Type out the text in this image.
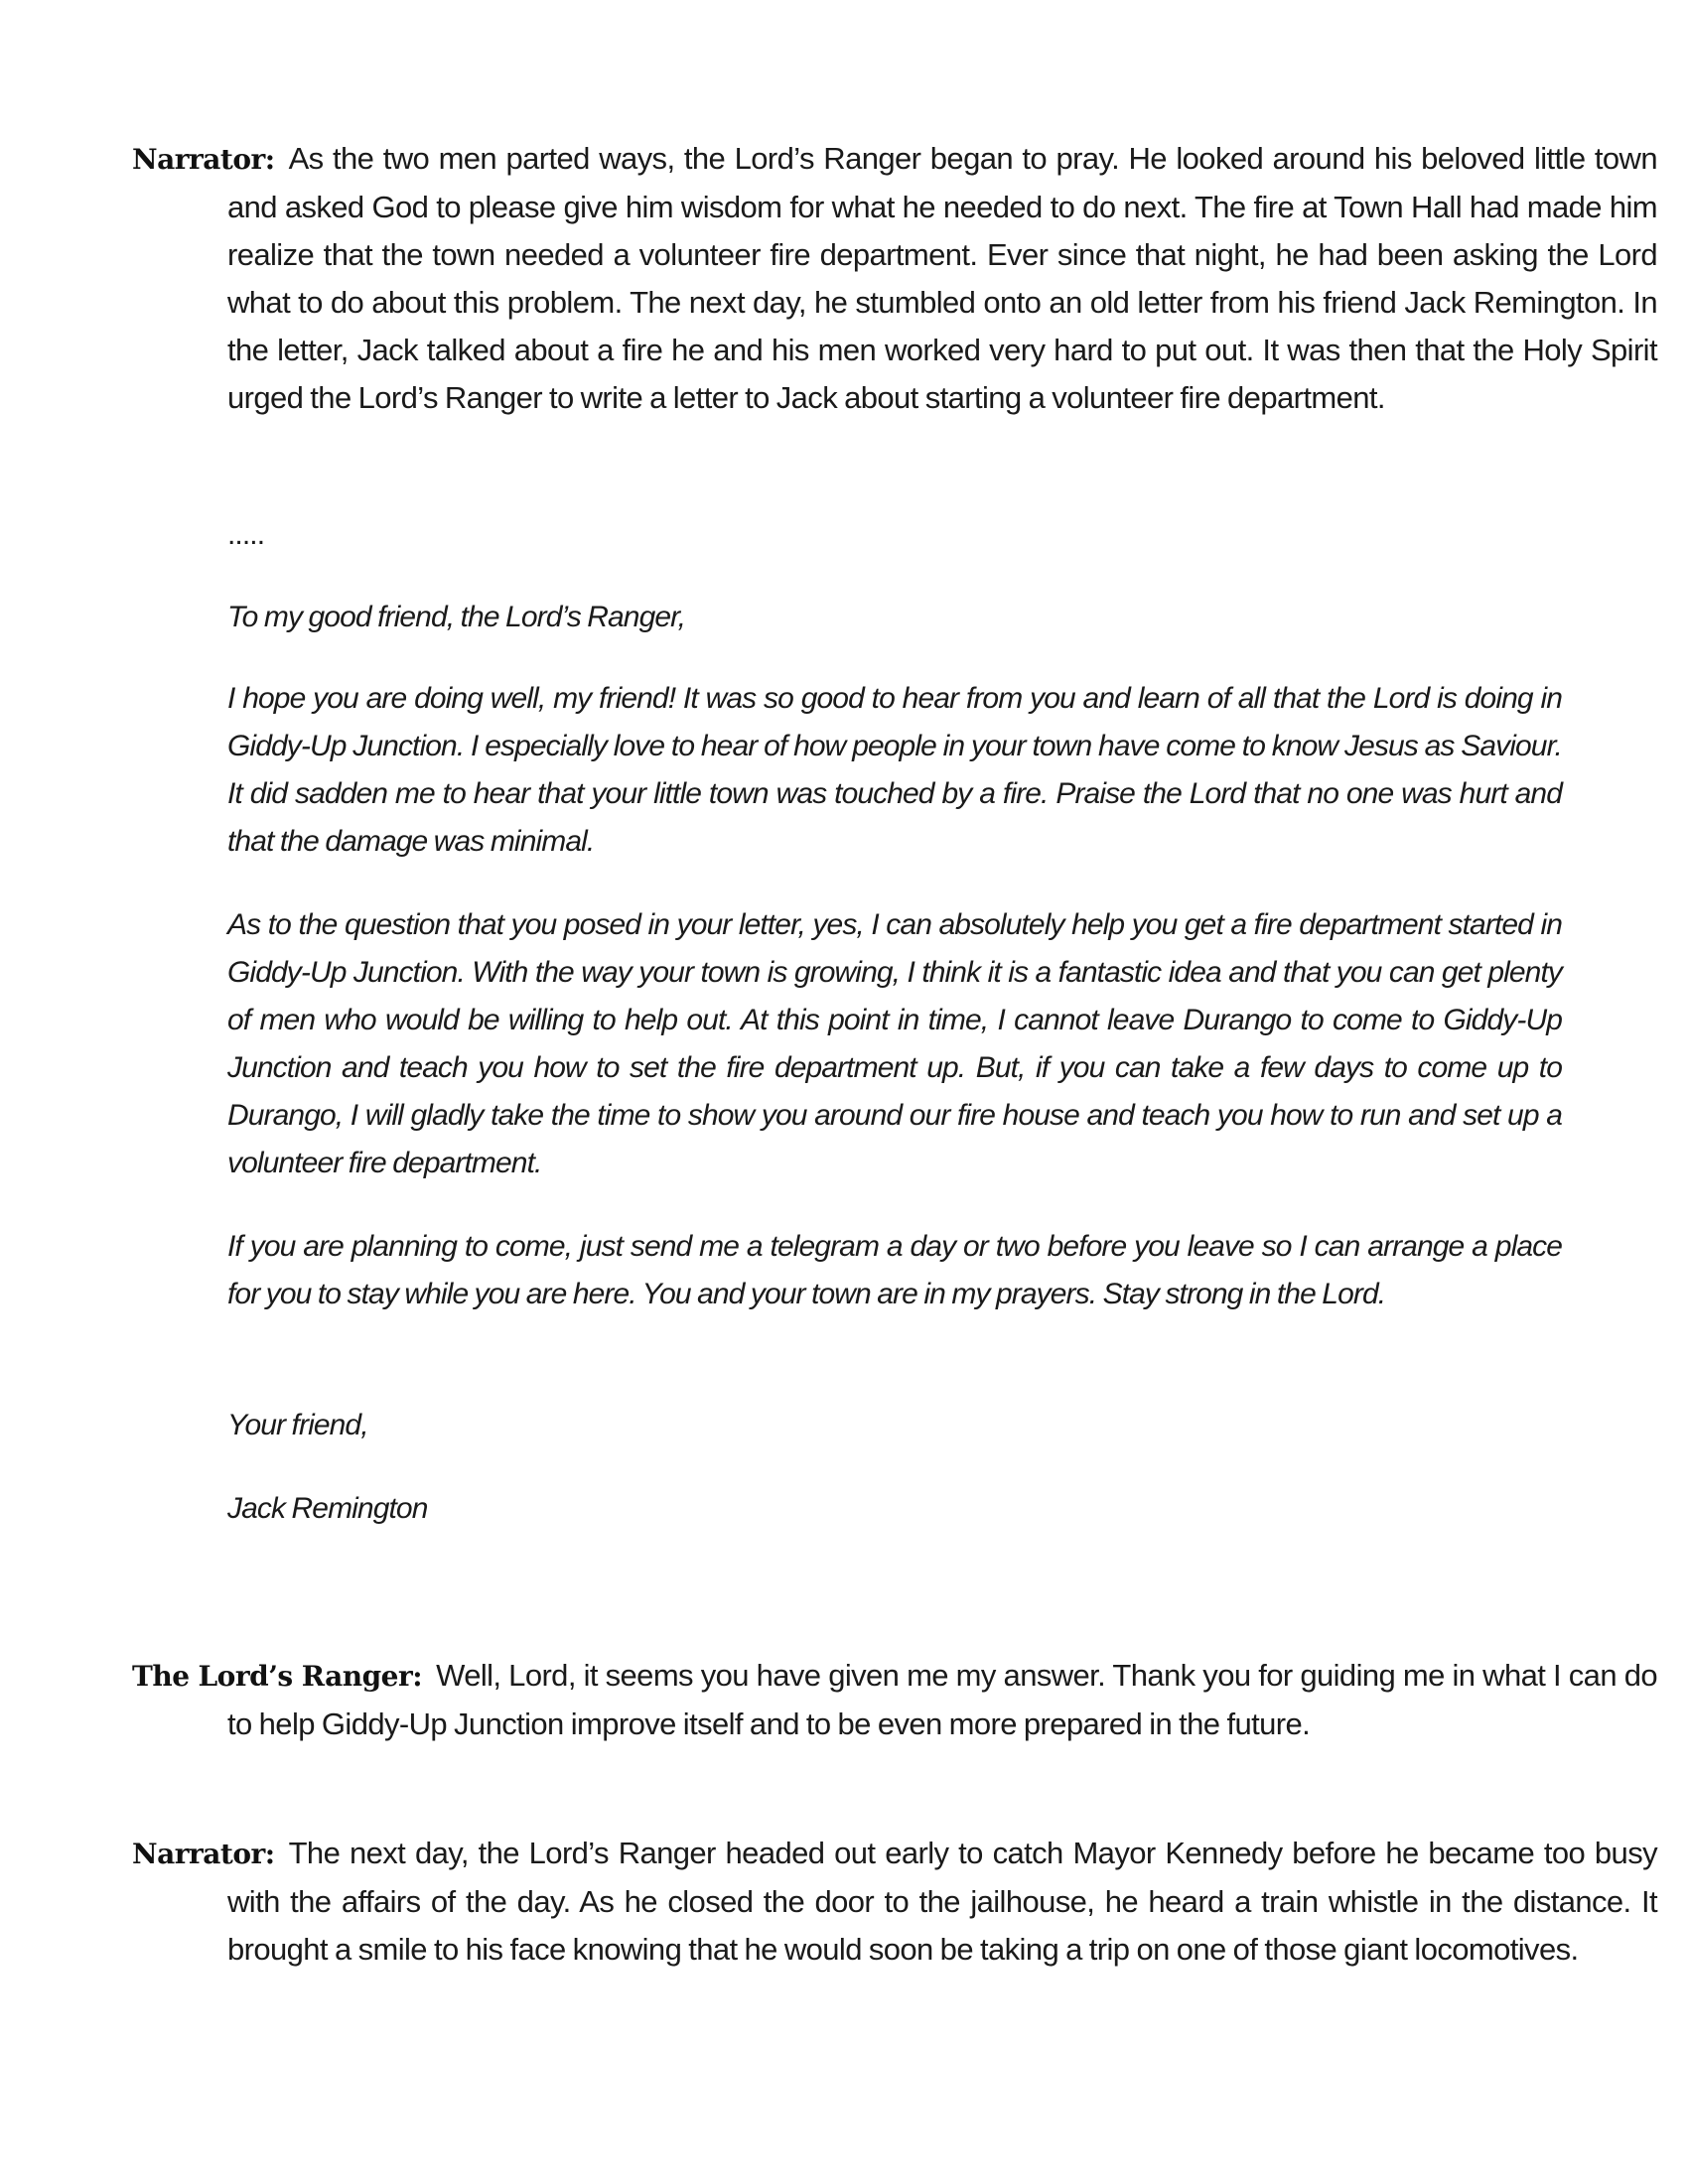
Narrator: As the two men parted ways, the Lord’s Ranger began to pray. He looked around his beloved little town and asked God to please give him wisdom for what he needed to do next. The fire at Town Hall had made him realize that the town needed a volunteer fire department. Ever since that night, he had been asking the Lord what to do about this problem. The next day, he stumbled onto an old letter from his friend Jack Remington. In the letter, Jack talked about a fire he and his men worked very hard to put out. It was then that the Holy Spirit urged the Lord’s Ranger to write a letter to Jack about starting a volunteer fire department.

.....
To my good friend, the Lord’s Ranger,

I hope you are doing well, my friend! It was so good to hear from you and learn of all that the Lord is doing in Giddy-Up Junction. I especially love to hear of how people in your town have come to know Jesus as Saviour. It did sadden me to hear that your little town was touched by a fire. Praise the Lord that no one was hurt and that the damage was minimal.

As to the question that you posed in your letter, yes, I can absolutely help you get a fire department started in Giddy-Up Junction. With the way your town is growing, I think it is a fantastic idea and that you can get plenty of men who would be willing to help out. At this point in time, I cannot leave Durango to come to Giddy-Up Junction and teach you how to set the fire department up. But, if you can take a few days to come up to Durango, I will gladly take the time to show you around our fire house and teach you how to run and set up a volunteer fire department.

If you are planning to come, just send me a telegram a day or two before you leave so I can arrange a place for you to stay while you are here. You and your town are in my prayers. Stay strong in the Lord.

Your friend,
Jack Remington

The Lord’s Ranger: Well, Lord, it seems you have given me my answer. Thank you for guiding me in what I can do to help Giddy-Up Junction improve itself and to be even more prepared in the future.

Narrator: The next day, the Lord’s Ranger headed out early to catch Mayor Kennedy before he became too busy with the affairs of the day. As he closed the door to the jailhouse, he heard a train whistle in the distance. It brought a smile to his face knowing that he would soon be taking a trip on one of those giant locomotives.
